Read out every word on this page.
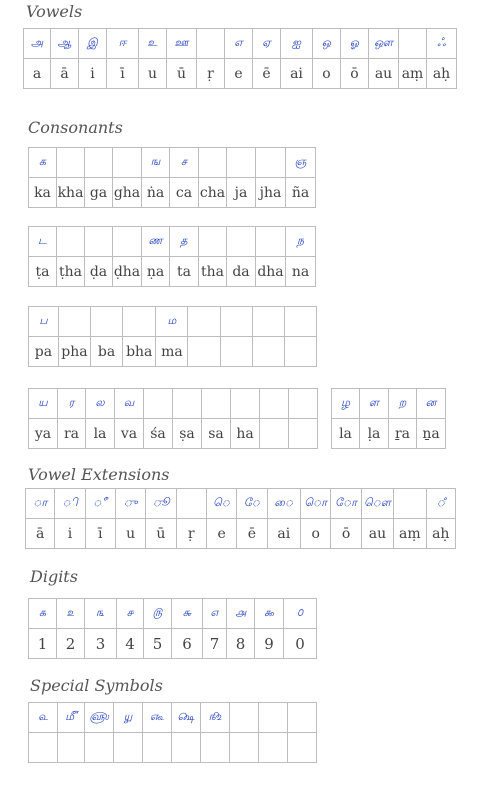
Vowels
அ	ஆ	இ	ஈ	உ	ஊ		எ	ஏ	ஐ	ஒ	ஓ	ஔ		ஃ
a	ā	i	ī	u	ū	ṛ	e	ē	ai	o	ō	au	aṃ	aḥ
Consonants
க				ங	ச				ஞ
ka	kha	ga	gha	ṅa	ca	cha	ja	jha	ña
ட				ண	த				ந
ṭa	ṭha	ḍa	ḍha	ṇa	ta	tha	da	dha	na
ப				ம				
pa	pha	ba	bha	ma				
ய	ர	ல	வ						
ya	ra	la	va	śa	ṣa	sa	ha		
ழ	ள	ற	ன
la	ḷa	ṟa	ṉa
Vowel Extensions
ா	ி	ீ	ு	ூ		ெ	ே	ை	ொ	ோ	ௌ		ஂ
ā	i	ī	u	ū	ṛ	e	ē	ai	o	ō	au	aṃ	aḥ
Digits
௧	௨	௩	௪	௫	௬	௭	௮	௯	௦
1	2	3	4	5	6	7	8	9	0
Special Symbols
௳	௴	௵	௶	௷	௸	௺			
